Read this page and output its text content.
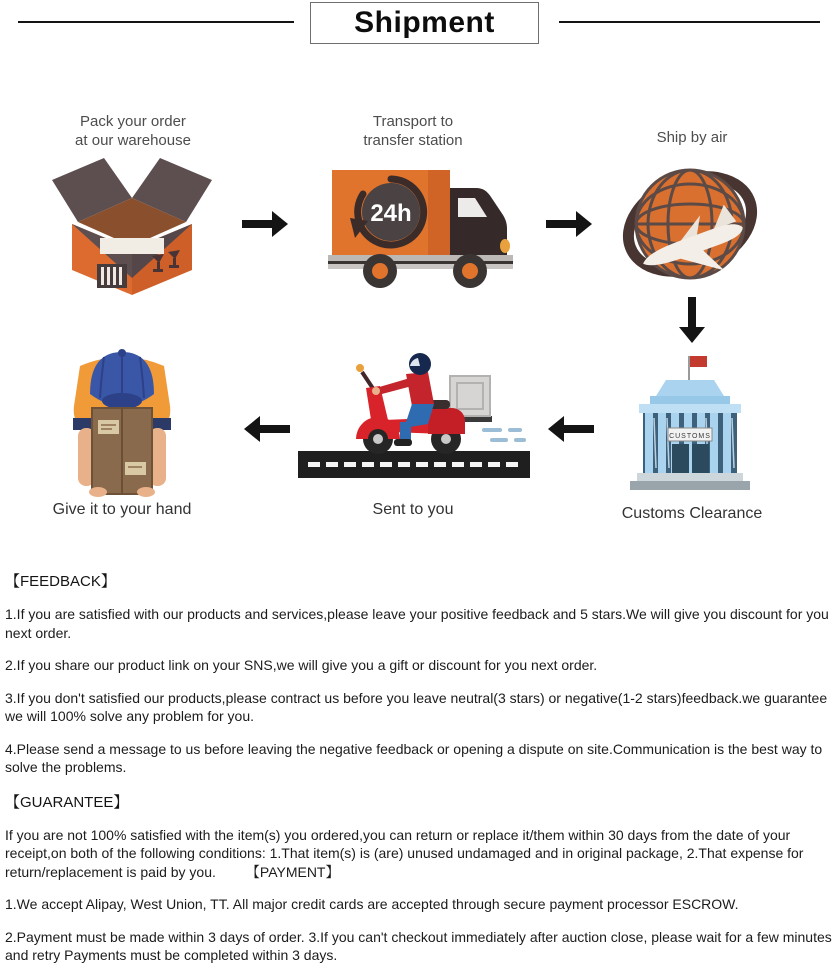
Shipment
Pack your order
at our warehouse
Transport to
transfer station	Ship by air
24h
CUSTOMS
Give it to your hand	Sent to you	Customs Clearance
【FEEDBACK】

1.If you are satisfied with our products and services,please leave your positive feedback and 5 stars.We will give you discount for you next order.

2.If you share our product link on your SNS,we will give you a gift or discount for you next order.

3.If you don't satisfied our products,please contract us before you leave neutral(3 stars) or negative(1-2 stars)feedback.we guarantee we will 100% solve any problem for you.

4.Please send a message to us before leaving the negative feedback or opening a dispute on site.Communication is the best way to solve the problems.

【GUARANTEE】

If you are not 100% satisfied with the item(s) you ordered,you can return or replace it/them within 30 days from the date of your receipt,on both of the following conditions: 1.That item(s) is (are) unused undamaged and in original package, 2.That expense for return/replacement is paid by you. 【PAYMENT】

1.We accept Alipay, West Union, TT. All major credit cards are accepted through secure payment processor ESCROW.

2.Payment must be made within 3 days of order. 3.If you can't checkout immediately after auction close, please wait for a few minutes and retry Payments must be completed within 3 days.
